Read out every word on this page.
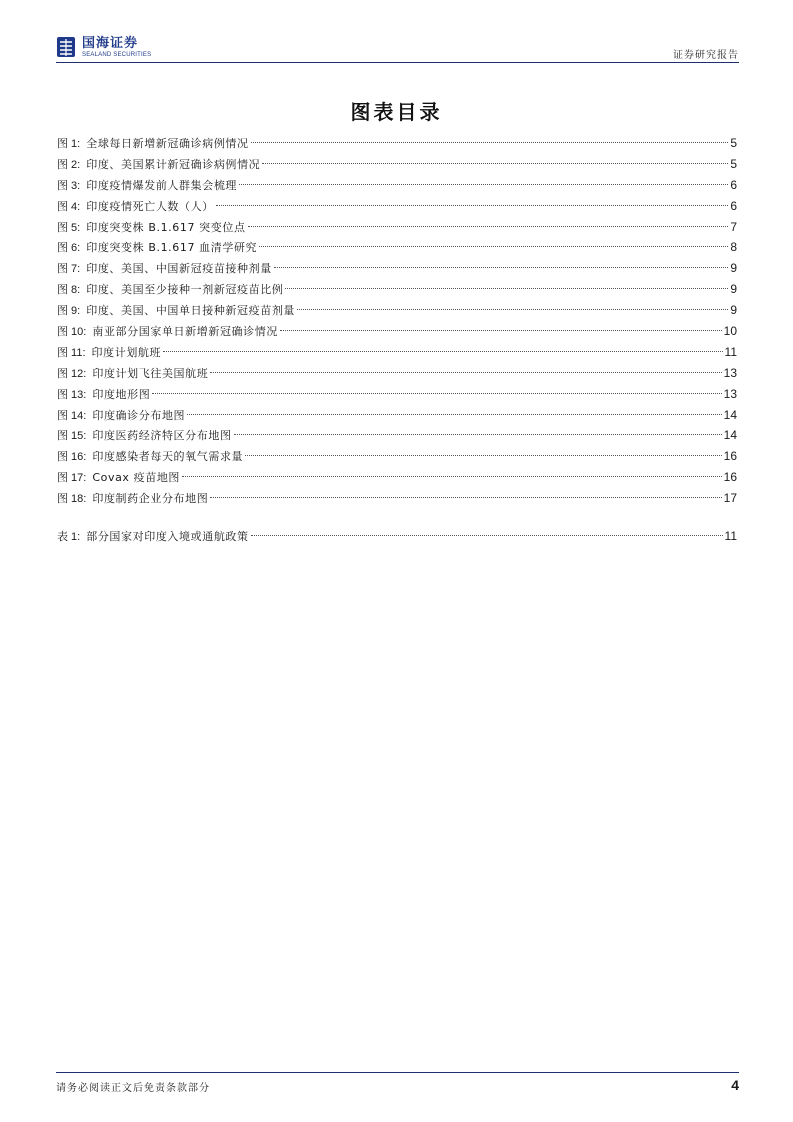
国海证券
SEALAND SECURITIES	证券研究报告
图表目录
图 1: 全球每日新增新冠确诊病例情况	5
图 2: 印度、美国累计新冠确诊病例情况	5
图 3: 印度疫情爆发前人群集会梳理	6
图 4: 印度疫情死亡人数（人）	6
图 5: 印度突变株 B.1.617 突变位点	7
图 6: 印度突变株 B.1.617 血清学研究	8
图 7: 印度、美国、中国新冠疫苗接种剂量	9
图 8: 印度、美国至少接种一剂新冠疫苗比例	9
图 9: 印度、美国、中国单日接种新冠疫苗剂量	9
图 10: 南亚部分国家单日新增新冠确诊情况	10
图 11: 印度计划航班	11
图 12: 印度计划飞往美国航班	13
图 13: 印度地形图	13
图 14: 印度确诊分布地图	14
图 15: 印度医药经济特区分布地图	14
图 16: 印度感染者每天的氧气需求量	16
图 17: Covax 疫苗地图	16
图 18: 印度制药企业分布地图	17
表 1: 部分国家对印度入境或通航政策	11
请务必阅读正文后免责条款部分	4
